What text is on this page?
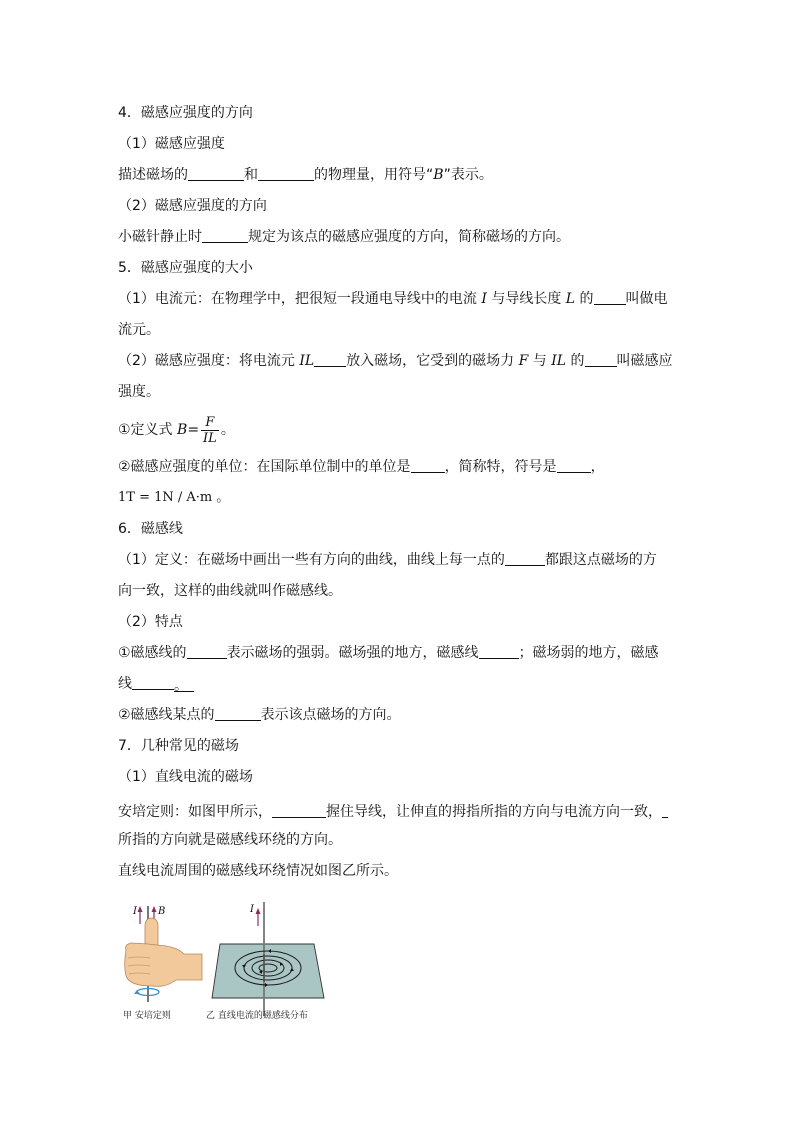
4．磁感应强度的方向
（1）磁感应强度
描述磁场的	和	的物理量，用符号“B”表示。
（2）磁感应强度的方向
小磁针静止时	规定为该点的磁感应强度的方向，简称磁场的方向。
5．磁感应强度的大小
（1）电流元：在物理学中，把很短一段通电导线中的电流 I 与导线长度 L 的 叫做电
流元。
（2）磁感应强度：将电流元 IL 放入磁场，它受到的磁场力 F 与 IL 的 叫磁感应
强度。
①定义式 $B= \frac{F}{IL}$ 。
②磁感应强度的单位：在国际单位制中的单位是 ，简称特，符号是 ，
1T = 1N / A·m 。
6．磁感线
（1）定义：在磁场中画出一些有方向的曲线，曲线上每一点的	都跟这点磁场的方
向一致，这样的曲线就叫作磁感线。
（2）特点
①磁感线的	表示磁场的强弱。磁场强的地方，磁感线	；磁场弱的地方，磁感
线	。
②磁感线某点的	表示该点磁场的方向。
7．几种常见的磁场
（1）直线电流的磁场
安培定则：如图甲所示，	握住导线，让伸直的拇指所指的方向与电流方向一致，
所指的方向就是磁感线环绕的方向。
直线电流周围的磁感线环绕情况如图乙所示。
I B	I
甲 安培定则	乙 直线电流的磁感线分布
